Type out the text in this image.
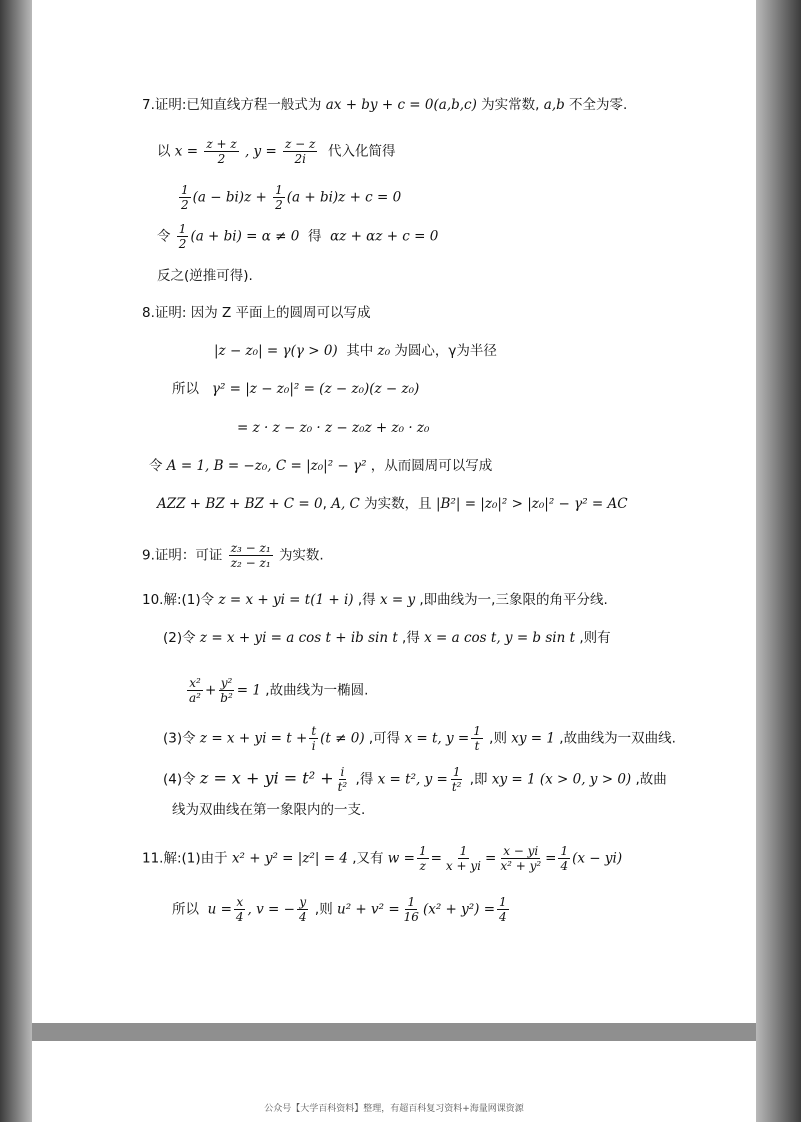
7.证明:已知直线方程一般式为 ax + by + c = 0(a,b,c) 为实常数, a,b 不全为零.
以 $x = \frac{z + z}{2}$ , $y = \frac{z - z}{2i}$ 代入化简得
$\frac{1}{2} (a - bi)z + \frac{1}{2} (a + bi)z + c = 0$
令 $\frac{1}{2} (a + bi) = \alpha \ne 0$ 得 αz + αz + c = 0
反之(逆推可得).
8.证明: 因为 Z 平面上的圆周可以写成
|z − z₀| = γ(γ > 0) 其中 z₀ 为圆心，γ为半径
所以 γ² = |z − z₀|² = (z − z₀)(z − z₀)
= z · z − z₀ · z − z₀z + z₀ · z₀
令 A = 1, B = −z₀, C = |z₀|² − γ² ，从而圆周可以写成
AZZ + BZ + BZ + C = 0, A, C 为实数，且 |B²| = |z₀|² > |z₀|² − γ² = AC
9.证明：可证 $\frac{\text{z₃ − z₁}}{\text{z₂ − z₁}}$ 为实数.
10.解:(1)令 z = x + yi = t(1 + i) ,得 x = y ,即曲线为一,三象限的角平分线.
(2)令 z = x + yi = a cos t + ib sin t ,得 x = a cos t, y = b sin t ,则有
$\frac{\text{x²}}{\text{a²}} + \frac{\text{y²}}{\text{b²}} = 1$ ,故曲线为一椭圆.
(3)令 z = x + yi = $t + \frac{t}{i} (t \ne 0)$ ,可得 x = t, $y = \frac{1}{t}$ ,则 xy = 1 ,故曲线为一双曲线.
(4)令 z = x + yi = $t^2 + \frac{i}{\text{t²}}$ ,得 x = t², $y = \frac{1}{\text{t²}}$ ,即 xy = 1 (x > 0, y > 0) ,故曲
线为双曲线在第一象限内的一支.
11.解:(1)由于 x² + y² = |z²| = 4 ,又有 $w = \frac{1}{z} = \frac{1}{x + yi} = \frac{x - yi}{\text{x² + y²}} = \frac{1}{4} (x - yi)$
所以 $u = \frac{x}{4}$ , v = − $\frac{y}{4}$ ,则 $u^2 + v^2 = \frac{1}{16} (x^2 + y^2) = \frac{1}{4}$
公众号【大学百科资料】整理，有超百科复习资料+海量网课资源
